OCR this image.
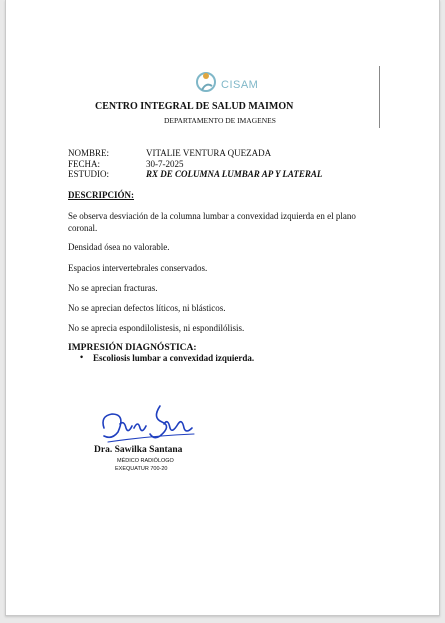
CISAM
CENTRO INTEGRAL DE SALUD MAIMON
DEPARTAMENTO DE IMAGENES
NOMBRE:	VITALIE VENTURA QUEZADA
FECHA:	30-7-2025
ESTUDIO:	RX DE COLUMNA LUMBAR AP Y LATERAL
DESCRIPCIÓN:
Se observa desviación de la columna lumbar a convexidad izquierda en el plano coronal.
Densidad ósea no valorable.
Espacios intervertebrales conservados.
No se aprecian fracturas.
No se aprecian defectos líticos, ni blásticos.
No se aprecia espondilolistesis, ni espondilólisis.
IMPRESIÓN DIAGNÓSTICA:
• Escoliosis lumbar a convexidad izquierda.
Dra. Sawilka Santana
MÉDICO RADIÓLOGO
EXEQUATUR 700-20
